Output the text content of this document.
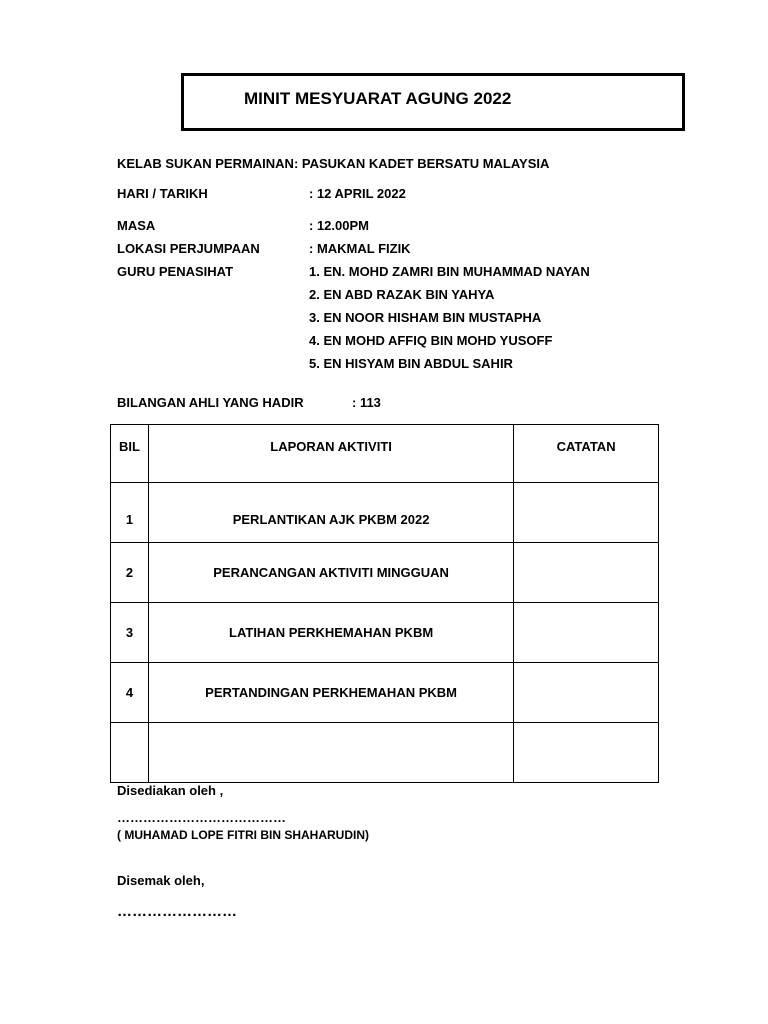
MINIT MESYUARAT AGUNG 2022
KELAB SUKAN PERMAINAN: PASUKAN KADET BERSATU MALAYSIA
HARI / TARIKH	: 12 APRIL 2022
MASA	: 12.00PM
LOKASI PERJUMPAAN	: MAKMAL FIZIK
GURU PENASIHAT	1. EN. MOHD ZAMRI BIN MUHAMMAD NAYAN
2. EN ABD RAZAK BIN YAHYA
3. EN NOOR HISHAM BIN MUSTAPHA
4. EN MOHD AFFIQ BIN MOHD YUSOFF
5. EN HISYAM BIN ABDUL SAHIR
BILANGAN AHLI YANG HADIR	: 113
BIL	LAPORAN AKTIVITI	CATATAN
1	PERLANTIKAN AJK PKBM 2022	
2	PERANCANGAN AKTIVITI MINGGUAN	
3	LATIHAN PERKHEMAHAN PKBM	
4	PERTANDINGAN PERKHEMAHAN PKBM	

Disediakan oleh ,
…………………………………
( MUHAMAD LOPE FITRI BIN SHAHARUDIN)
Disemak oleh,
……………………
